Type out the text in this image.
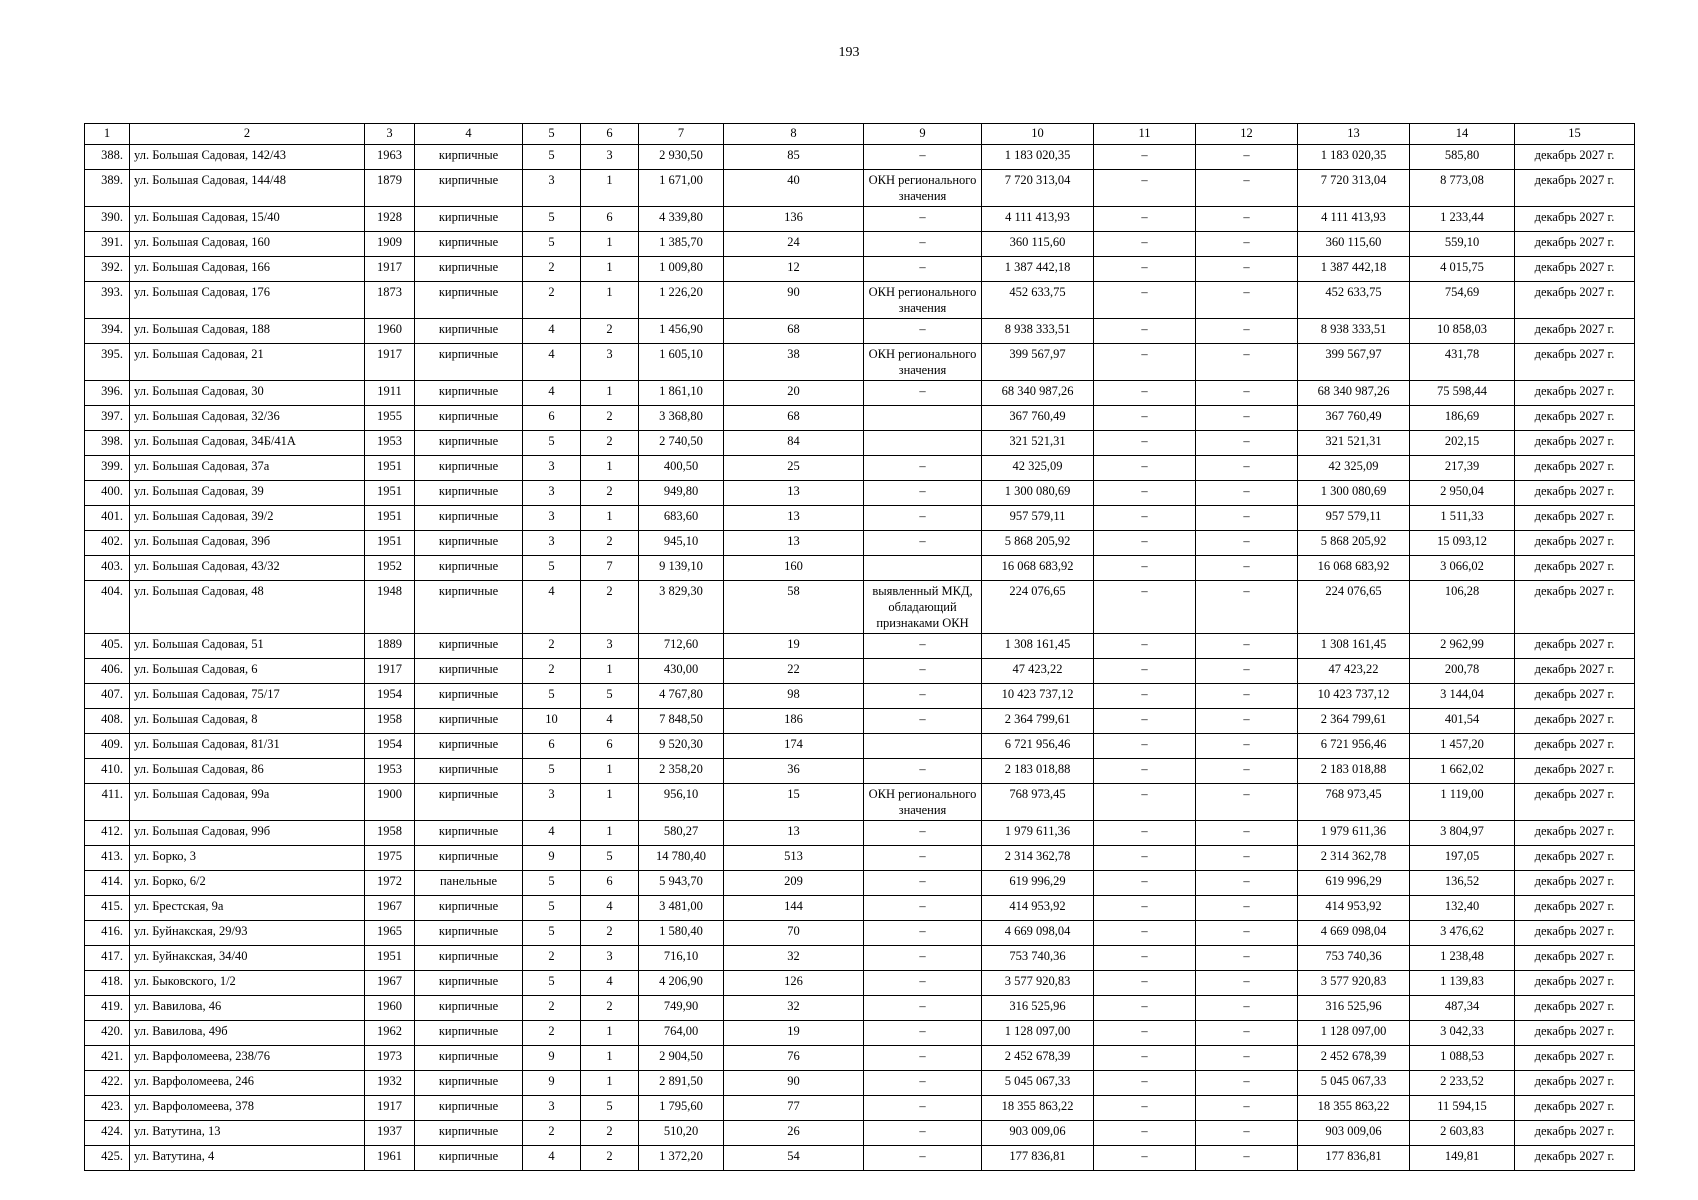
193
1	2	3	4	5	6	7	8	9	10	11	12	13	14	15
388.	ул. Большая Садовая, 142/43	1963	кирпичные	5	3	2 930,50	85	–	1 183 020,35	–	–	1 183 020,35	585,80	декабрь 2027 г.
389.	ул. Большая Садовая, 144/48	1879	кирпичные	3	1	1 671,00	40	ОКН регионального значения	7 720 313,04	–	–	7 720 313,04	8 773,08	декабрь 2027 г.
390.	ул. Большая Садовая, 15/40	1928	кирпичные	5	6	4 339,80	136	–	4 111 413,93	–	–	4 111 413,93	1 233,44	декабрь 2027 г.
391.	ул. Большая Садовая, 160	1909	кирпичные	5	1	1 385,70	24	–	360 115,60	–	–	360 115,60	559,10	декабрь 2027 г.
392.	ул. Большая Садовая, 166	1917	кирпичные	2	1	1 009,80	12	–	1 387 442,18	–	–	1 387 442,18	4 015,75	декабрь 2027 г.
393.	ул. Большая Садовая, 176	1873	кирпичные	2	1	1 226,20	90	ОКН регионального значения	452 633,75	–	–	452 633,75	754,69	декабрь 2027 г.
394.	ул. Большая Садовая, 188	1960	кирпичные	4	2	1 456,90	68	–	8 938 333,51	–	–	8 938 333,51	10 858,03	декабрь 2027 г.
395.	ул. Большая Садовая, 21	1917	кирпичные	4	3	1 605,10	38	ОКН регионального значения	399 567,97	–	–	399 567,97	431,78	декабрь 2027 г.
396.	ул. Большая Садовая, 30	1911	кирпичные	4	1	1 861,10	20	–	68 340 987,26	–	–	68 340 987,26	75 598,44	декабрь 2027 г.
397.	ул. Большая Садовая, 32/36	1955	кирпичные	6	2	3 368,80	68		367 760,49	–	–	367 760,49	186,69	декабрь 2027 г.
398.	ул. Большая Садовая, 34Б/41А	1953	кирпичные	5	2	2 740,50	84		321 521,31	–	–	321 521,31	202,15	декабрь 2027 г.
399.	ул. Большая Садовая, 37а	1951	кирпичные	3	1	400,50	25	–	42 325,09	–	–	42 325,09	217,39	декабрь 2027 г.
400.	ул. Большая Садовая, 39	1951	кирпичные	3	2	949,80	13	–	1 300 080,69	–	–	1 300 080,69	2 950,04	декабрь 2027 г.
401.	ул. Большая Садовая, 39/2	1951	кирпичные	3	1	683,60	13	–	957 579,11	–	–	957 579,11	1 511,33	декабрь 2027 г.
402.	ул. Большая Садовая, 39б	1951	кирпичные	3	2	945,10	13	–	5 868 205,92	–	–	5 868 205,92	15 093,12	декабрь 2027 г.
403.	ул. Большая Садовая, 43/32	1952	кирпичные	5	7	9 139,10	160		16 068 683,92	–	–	16 068 683,92	3 066,02	декабрь 2027 г.
404.	ул. Большая Садовая, 48	1948	кирпичные	4	2	3 829,30	58	выявленный МКД, обладающий признаками ОКН	224 076,65	–	–	224 076,65	106,28	декабрь 2027 г.
405.	ул. Большая Садовая, 51	1889	кирпичные	2	3	712,60	19	–	1 308 161,45	–	–	1 308 161,45	2 962,99	декабрь 2027 г.
406.	ул. Большая Садовая, 6	1917	кирпичные	2	1	430,00	22	–	47 423,22	–	–	47 423,22	200,78	декабрь 2027 г.
407.	ул. Большая Садовая, 75/17	1954	кирпичные	5	5	4 767,80	98	–	10 423 737,12	–	–	10 423 737,12	3 144,04	декабрь 2027 г.
408.	ул. Большая Садовая, 8	1958	кирпичные	10	4	7 848,50	186	–	2 364 799,61	–	–	2 364 799,61	401,54	декабрь 2027 г.
409.	ул. Большая Садовая, 81/31	1954	кирпичные	6	6	9 520,30	174		6 721 956,46	–	–	6 721 956,46	1 457,20	декабрь 2027 г.
410.	ул. Большая Садовая, 86	1953	кирпичные	5	1	2 358,20	36	–	2 183 018,88	–	–	2 183 018,88	1 662,02	декабрь 2027 г.
411.	ул. Большая Садовая, 99а	1900	кирпичные	3	1	956,10	15	ОКН регионального значения	768 973,45	–	–	768 973,45	1 119,00	декабрь 2027 г.
412.	ул. Большая Садовая, 99б	1958	кирпичные	4	1	580,27	13	–	1 979 611,36	–	–	1 979 611,36	3 804,97	декабрь 2027 г.
413.	ул. Борко, 3	1975	кирпичные	9	5	14 780,40	513	–	2 314 362,78	–	–	2 314 362,78	197,05	декабрь 2027 г.
414.	ул. Борко, 6/2	1972	панельные	5	6	5 943,70	209	–	619 996,29	–	–	619 996,29	136,52	декабрь 2027 г.
415.	ул. Брестская, 9а	1967	кирпичные	5	4	3 481,00	144	–	414 953,92	–	–	414 953,92	132,40	декабрь 2027 г.
416.	ул. Буйнакская, 29/93	1965	кирпичные	5	2	1 580,40	70	–	4 669 098,04	–	–	4 669 098,04	3 476,62	декабрь 2027 г.
417.	ул. Буйнакская, 34/40	1951	кирпичные	2	3	716,10	32	–	753 740,36	–	–	753 740,36	1 238,48	декабрь 2027 г.
418.	ул. Быковского, 1/2	1967	кирпичные	5	4	4 206,90	126	–	3 577 920,83	–	–	3 577 920,83	1 139,83	декабрь 2027 г.
419.	ул. Вавилова, 46	1960	кирпичные	2	2	749,90	32	–	316 525,96	–	–	316 525,96	487,34	декабрь 2027 г.
420.	ул. Вавилова, 49б	1962	кирпичные	2	1	764,00	19	–	1 128 097,00	–	–	1 128 097,00	3 042,33	декабрь 2027 г.
421.	ул. Варфоломеева, 238/76	1973	кирпичные	9	1	2 904,50	76	–	2 452 678,39	–	–	2 452 678,39	1 088,53	декабрь 2027 г.
422.	ул. Варфоломеева, 246	1932	кирпичные	9	1	2 891,50	90	–	5 045 067,33	–	–	5 045 067,33	2 233,52	декабрь 2027 г.
423.	ул. Варфоломеева, 378	1917	кирпичные	3	5	1 795,60	77	–	18 355 863,22	–	–	18 355 863,22	11 594,15	декабрь 2027 г.
424.	ул. Ватутина, 13	1937	кирпичные	2	2	510,20	26	–	903 009,06	–	–	903 009,06	2 603,83	декабрь 2027 г.
425.	ул. Ватутина, 4	1961	кирпичные	4	2	1 372,20	54	–	177 836,81	–	–	177 836,81	149,81	декабрь 2027 г.
